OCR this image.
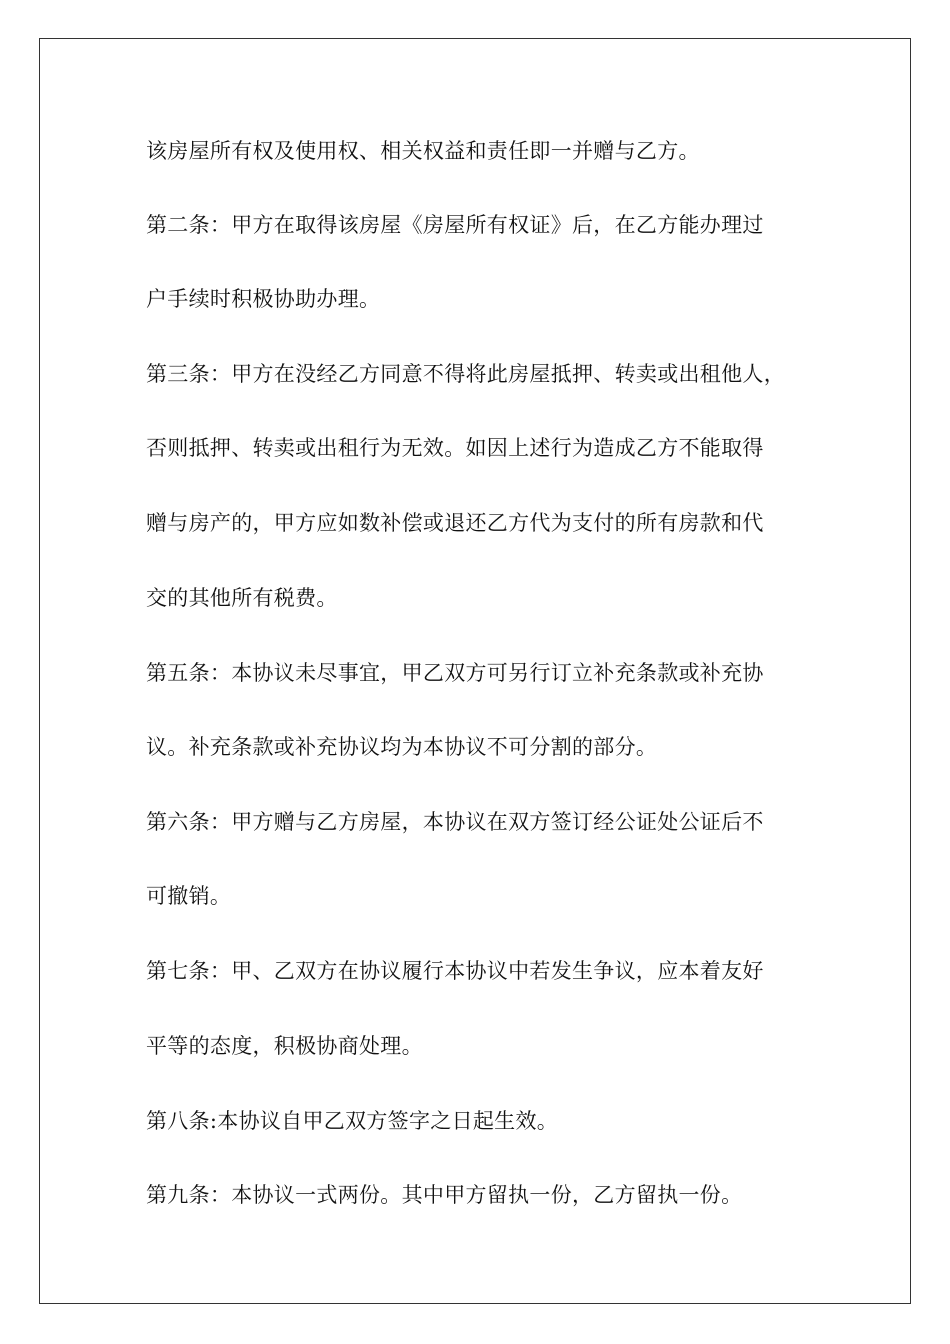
该房屋所有权及使用权、相关权益和责任即一并赠与乙方。
第二条：甲方在取得该房屋《房屋所有权证》后，在乙方能办理过
户手续时积极协助办理。
第三条：甲方在没经乙方同意不得将此房屋抵押、转卖或出租他人，
否则抵押、转卖或出租行为无效。如因上述行为造成乙方不能取得
赠与房产的，甲方应如数补偿或退还乙方代为支付的所有房款和代
交的其他所有税费。
第五条：本协议未尽事宜，甲乙双方可另行订立补充条款或补充协
议。补充条款或补充协议均为本协议不可分割的部分。
第六条：甲方赠与乙方房屋，本协议在双方签订经公证处公证后不
可撤销。
第七条：甲、乙双方在协议履行本协议中若发生争议，应本着友好
平等的态度，积极协商处理。
第八条:本协议自甲乙双方签字之日起生效。
第九条：本协议一式两份。其中甲方留执一份，乙方留执一份。
